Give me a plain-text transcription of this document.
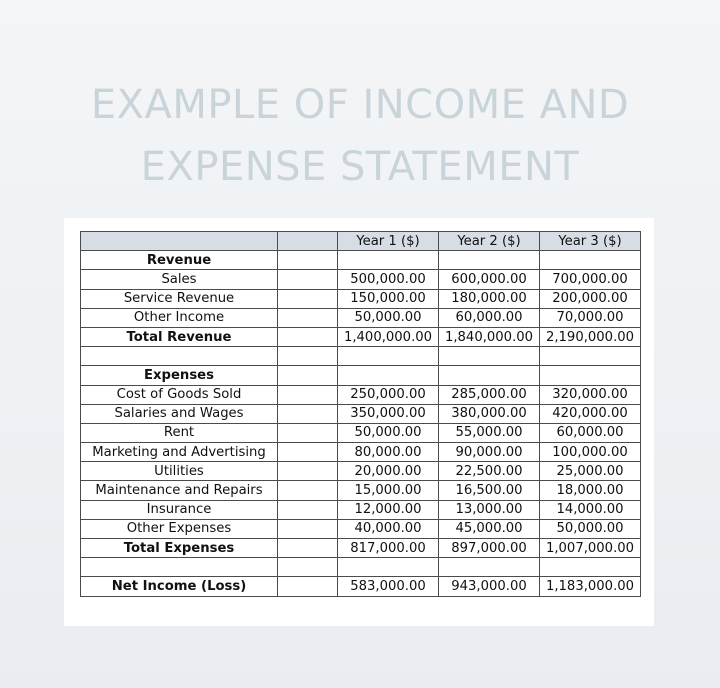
EXAMPLE OF INCOME AND
EXPENSE STATEMENT
		Year 1 ($)	Year 2 ($)	Year 3 ($)
Revenue				
Sales		500,000.00	600,000.00	700,000.00
Service Revenue		150,000.00	180,000.00	200,000.00
Other Income		50,000.00	60,000.00	70,000.00
Total Revenue		1,400,000.00	1,840,000.00	2,190,000.00

Expenses				
Cost of Goods Sold		250,000.00	285,000.00	320,000.00
Salaries and Wages		350,000.00	380,000.00	420,000.00
Rent		50,000.00	55,000.00	60,000.00
Marketing and Advertising		80,000.00	90,000.00	100,000.00
Utilities		20,000.00	22,500.00	25,000.00
Maintenance and Repairs		15,000.00	16,500.00	18,000.00
Insurance		12,000.00	13,000.00	14,000.00
Other Expenses		40,000.00	45,000.00	50,000.00
Total Expenses		817,000.00	897,000.00	1,007,000.00

Net Income (Loss)		583,000.00	943,000.00	1,183,000.00
